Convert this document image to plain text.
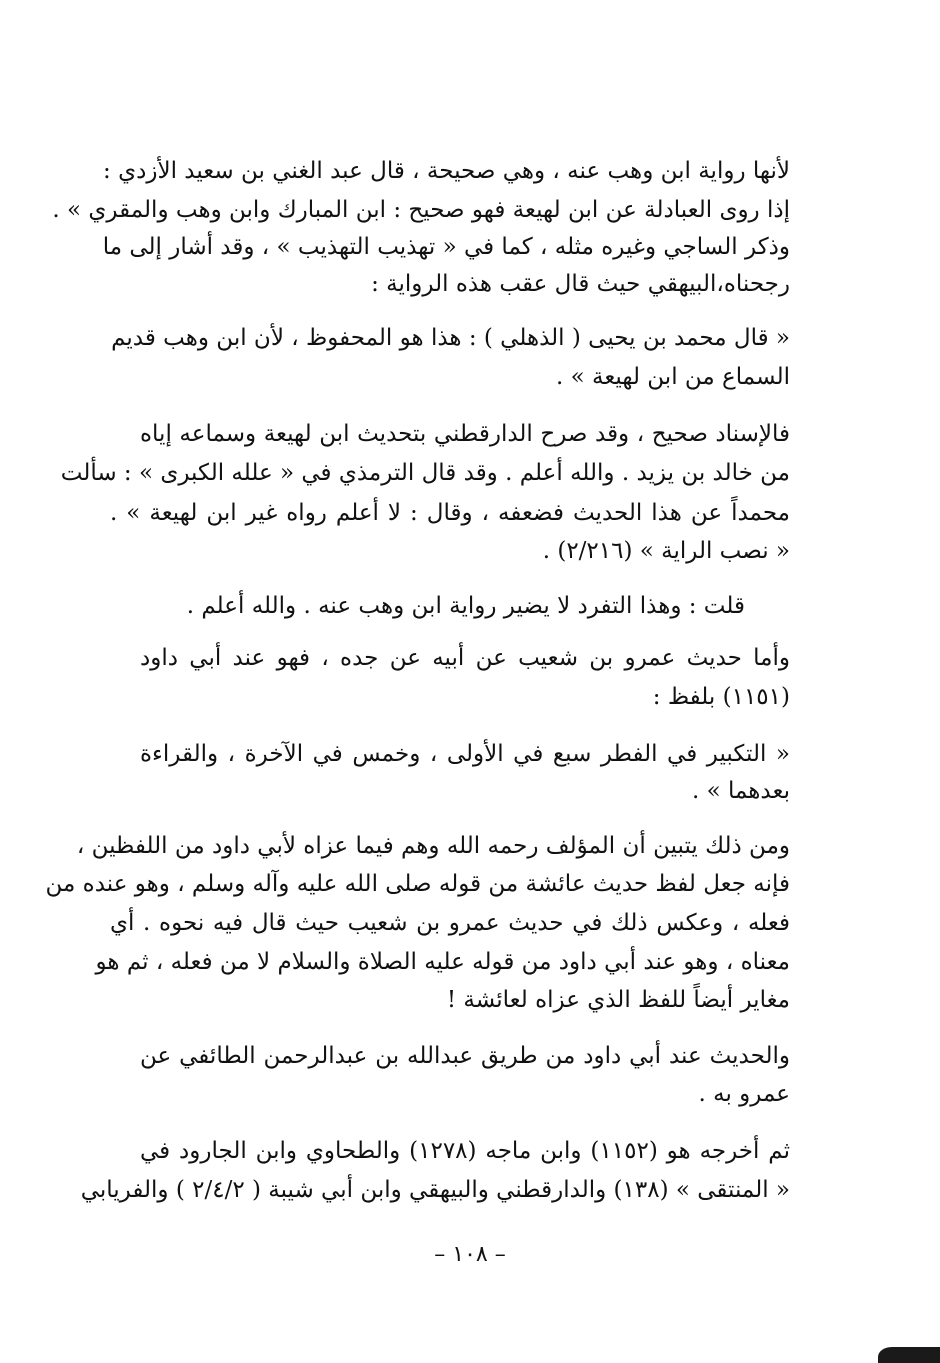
لأنها رواية ابن وهب عنه ، وهي صحيحة ، قال عبد الغني بن سعيد الأزدي :
إذا روى العبادلة عن ابن لهيعة فهو صحيح : ابن المبارك وابن وهب والمقري » .
وذكر الساجي وغيره مثله ، كما في « تهذيب التهذيب » ، وقد أشار إلى ما
رجحناه،البيهقي حيث قال عقب هذه الرواية :
« قال محمد بن يحيى ( الذهلي ) : هذا هو المحفوظ ، لأن ابن وهب قديم
السماع من ابن لهيعة » .
فالإسناد صحيح ، وقد صرح الدارقطني بتحديث ابن لهيعة وسماعه إياه
من خالد بن يزيد . والله أعلم . وقد قال الترمذي في « علله الكبرى » : سألت
محمداً عن هذا الحديث فضعفه ، وقال : لا أعلم رواه غير ابن لهيعة » .
« نصب الراية » (٢/٢١٦) .
قلت : وهذا التفرد لا يضير رواية ابن وهب عنه . والله أعلم .
وأما حديث عمرو بن شعيب عن أبيه عن جده ، فهو عند أبي داود
(١١٥١) بلفظ :
« التكبير في الفطر سبع في الأولى ، وخمس في الآخرة ، والقراءة
بعدهما » .
ومن ذلك يتبين أن المؤلف رحمه الله وهم فيما عزاه لأبي داود من اللفظين ،
فإنه جعل لفظ حديث عائشة من قوله صلى الله عليه وآله وسلم ، وهو عنده من
فعله ، وعكس ذلك في حديث عمرو بن شعيب حيث قال فيه نحوه . أي
معناه ، وهو عند أبي داود من قوله عليه الصلاة والسلام لا من فعله ، ثم هو
مغاير أيضاً للفظ الذي عزاه لعائشة !
والحديث عند أبي داود من طريق عبدالله بن عبدالرحمن الطائفي عن
عمرو به .
ثم أخرجه هو (١١٥٢) وابن ماجه (١٢٧٨) والطحاوي وابن الجارود في
« المنتقى » (١٣٨) والدارقطني والبيهقي وابن أبي شيبة ( ٢/٤/٢ ) والفريابي
– ١٠٨ –
